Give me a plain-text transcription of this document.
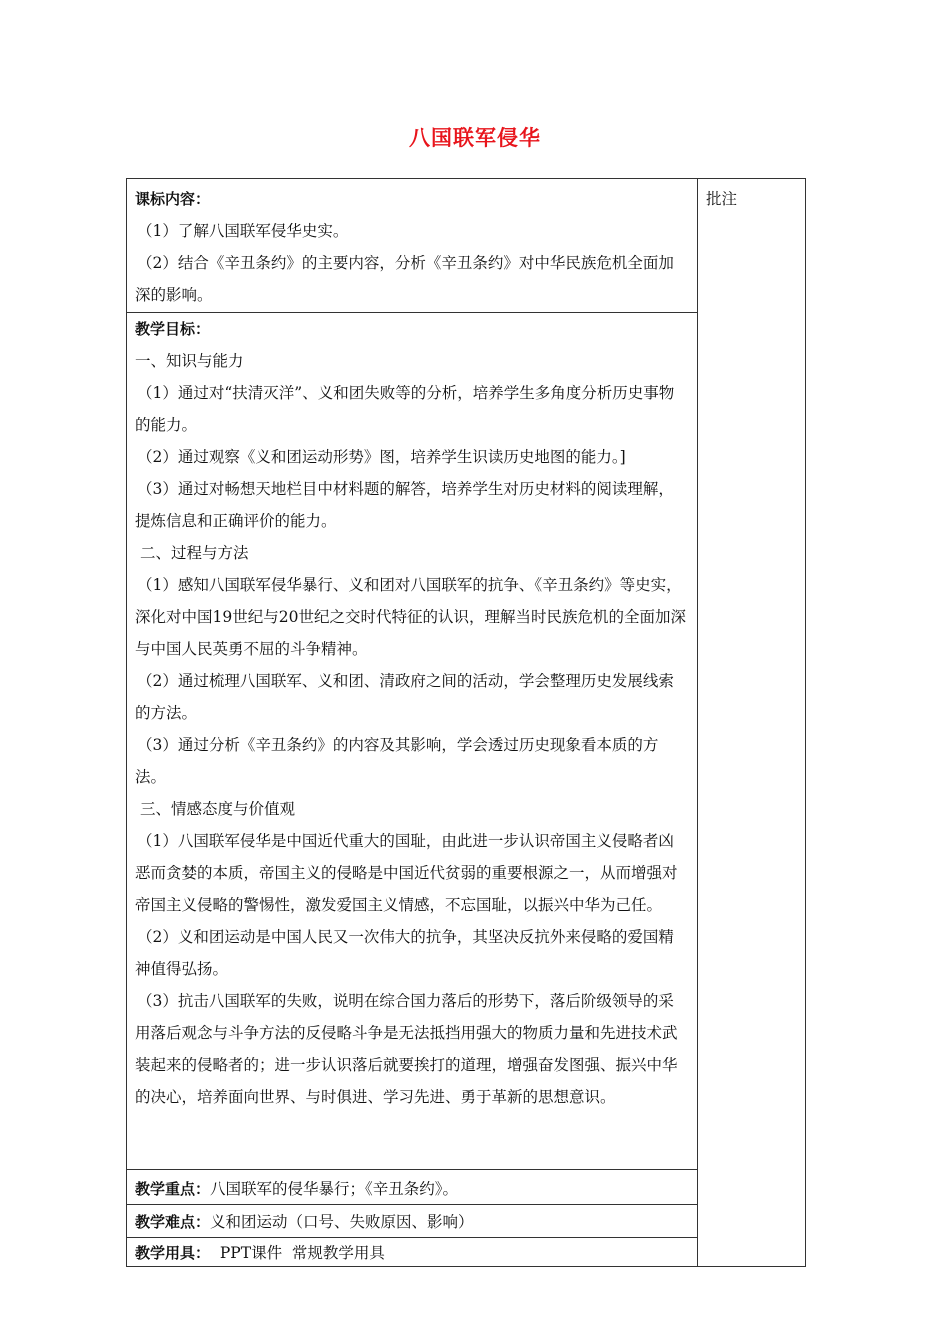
八国联军侵华
批注

课标内容：

（1）了解八国联军侵华史实。

（2）结合《辛丑条约》的主要内容，分析《辛丑条约》对中华民族危机全面加深的影响。

教学目标：

一、知识与能力

（1）通过对“扶清灭洋”、义和团失败等的分析，培养学生多角度分析历史事物的能力。

（2）通过观察《义和团运动形势》图，培养学生识读历史地图的能力。]

（3）通过对畅想天地栏目中材料题的解答，培养学生对历史材料的阅读理解，提炼信息和正确评价的能力。

二、过程与方法

（1）感知八国联军侵华暴行、义和团对八国联军的抗争、《辛丑条约》等史实，深化对中国19世纪与20世纪之交时代特征的认识，理解当时民族危机的全面加深与中国人民英勇不屈的斗争精神。

（2）通过梳理八国联军、义和团、清政府之间的活动，学会整理历史发展线索的方法。

（3）通过分析《辛丑条约》的内容及其影响，学会透过历史现象看本质的方法。

三、情感态度与价值观

（1）八国联军侵华是中国近代重大的国耻，由此进一步认识帝国主义侵略者凶恶而贪婪的本质，帝国主义的侵略是中国近代贫弱的重要根源之一，从而增强对帝国主义侵略的警惕性，激发爱国主义情感，不忘国耻，以振兴中华为己任。

（2）义和团运动是中国人民又一次伟大的抗争，其坚决反抗外来侵略的爱国精神值得弘扬。

（3）抗击八国联军的失败，说明在综合国力落后的形势下，落后阶级领导的采用落后观念与斗争方法的反侵略斗争是无法抵挡用强大的物质力量和先进技术武装起来的侵略者的；进一步认识落后就要挨打的道理，增强奋发图强、振兴中华的决心，培养面向世界、与时俱进、学习先进、勇于革新的思想意识。

教学重点：八国联军的侵华暴行；《辛丑条约》。

教学难点：义和团运动（口号、失败原因、影响）

教学用具：  PPT课件  常规教学用具
